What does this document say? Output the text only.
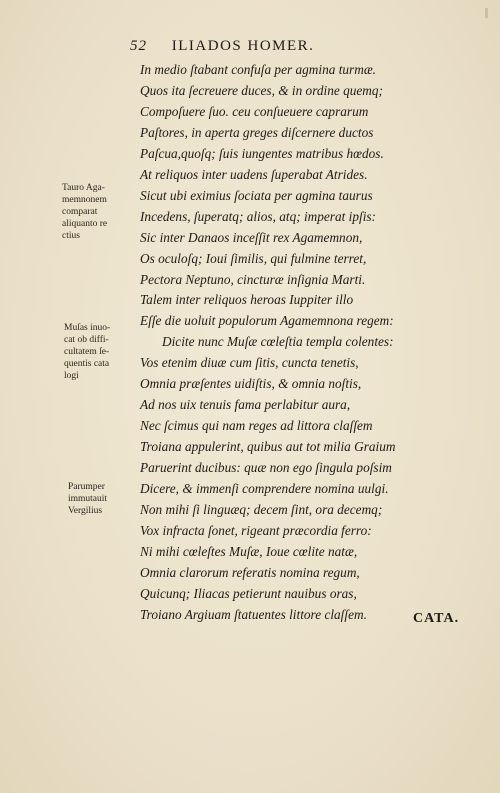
52 ILIADOS HOMER.
In medio ſtabant confuſa per agmina turmæ.
Quos ita ſecreuere duces, & in ordine quemq;
Compoſuere ſuo. ceu conſueuere caprarum
Paſtores, in aperta greges diſcernere ductos
Paſcua,quoſq; ſuis iungentes matribus hœdos.
At reliquos inter uadens ſuperabat Atrides.
Sicut ubi eximius ſociata per agmina taurus
Incedens, ſuperatq; alios, atq; imperat ipſis:
Sic inter Danaos inceſſit rex Agamemnon,
Os oculoſq; Ioui ſimilis, qui fulmine terret,
Pectora Neptuno, cincturæ inſignia Marti.
Talem inter reliquos heroas Iuppiter illo
Eſſe die uoluit populorum Agamemnona regem:
Dicite nunc Muſæ cœleſtia templa colentes:
Vos etenim diuæ cum ſitis, cuncta tenetis,
Omnia præſentes uidiſtis, & omnia noſtis,
Ad nos uix tenuis fama perlabitur aura,
Nec ſcimus qui nam reges ad littora claſſem
Troiana appulerint, quibus aut tot milia Graium
Paruerint ducibus: quæ non ego ſingula poſsim
Dicere, & immenſi comprendere nomina uulgi.
Non mihi ſi linguæq; decem ſint, ora decemq;
Vox infracta ſonet, rigeant præcordia ferro:
Ni mihi cœleſtes Muſæ, Ioue cœlite natæ,
Omnia clarorum referatis nomina regum,
Quicunq; Iliacas petierunt nauibus oras,
Troiano Argiuam ſtatuentes littore claſſem.	CATA.
Tauro Aga-
memnonem
comparat
aliquanto re
ctius
Muſas inuo-
cat ob diffi-
cultatem ſe-
quentis cata
logi
Parumper
immutauit
Vergilius
